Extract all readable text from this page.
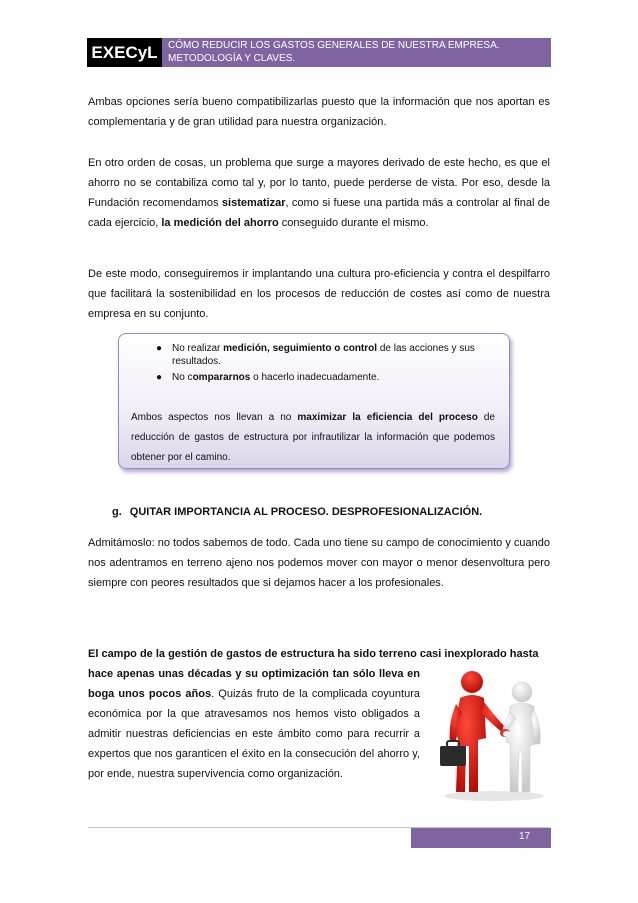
EXECyL	CÓMO REDUCIR LOS GASTOS GENERALES DE NUESTRA EMPRESA.
METODOLOGÍA Y CLAVES.

Ambas opciones sería bueno compatibilizarlas puesto que la información que nos aportan es complementaria y de gran utilidad para nuestra organización.

En otro orden de cosas, un problema que surge a mayores derivado de este hecho, es que el ahorro no se contabiliza como tal y, por lo tanto, puede perderse de vista. Por eso, desde la Fundación recomendamos sistematizar, como si fuese una partida más a controlar al final de cada ejercicio, la medición del ahorro conseguido durante el mismo.

De este modo, conseguiremos ir implantando una cultura pro-eficiencia y contra el despilfarro que facilitará la sostenibilidad en los procesos de reducción de costes así como de nuestra empresa en su conjunto.

● No realizar medición, seguimiento o control de las acciones y sus resultados.
● No compararnos o hacerlo inadecuadamente.

Ambos aspectos nos llevan a no maximizar la eficiencia del proceso de reducción de gastos de estructura por infrautilizar la información que podemos obtener por el camino.

g. QUITAR IMPORTANCIA AL PROCESO. DESPROFESIONALIZACIÓN.

Admitámoslo: no todos sabemos de todo. Cada uno tiene su campo de conocimiento y cuando nos adentramos en terreno ajeno nos podemos mover con mayor o menor desenvoltura pero siempre con peores resultados que si dejamos hacer a los profesionales.

El campo de la gestión de gastos de estructura ha sido terreno casi inexplorado hasta

hace apenas unas décadas y su optimización tan sólo lleva en boga unos pocos años. Quizás fruto de la complicada coyuntura económica por la que atravesamos nos hemos visto obligados a admitir nuestras deficiencias en este ámbito como para recurrir a expertos que nos garanticen el éxito en la consecución del ahorro y, por ende, nuestra supervivencia como organización.

17
